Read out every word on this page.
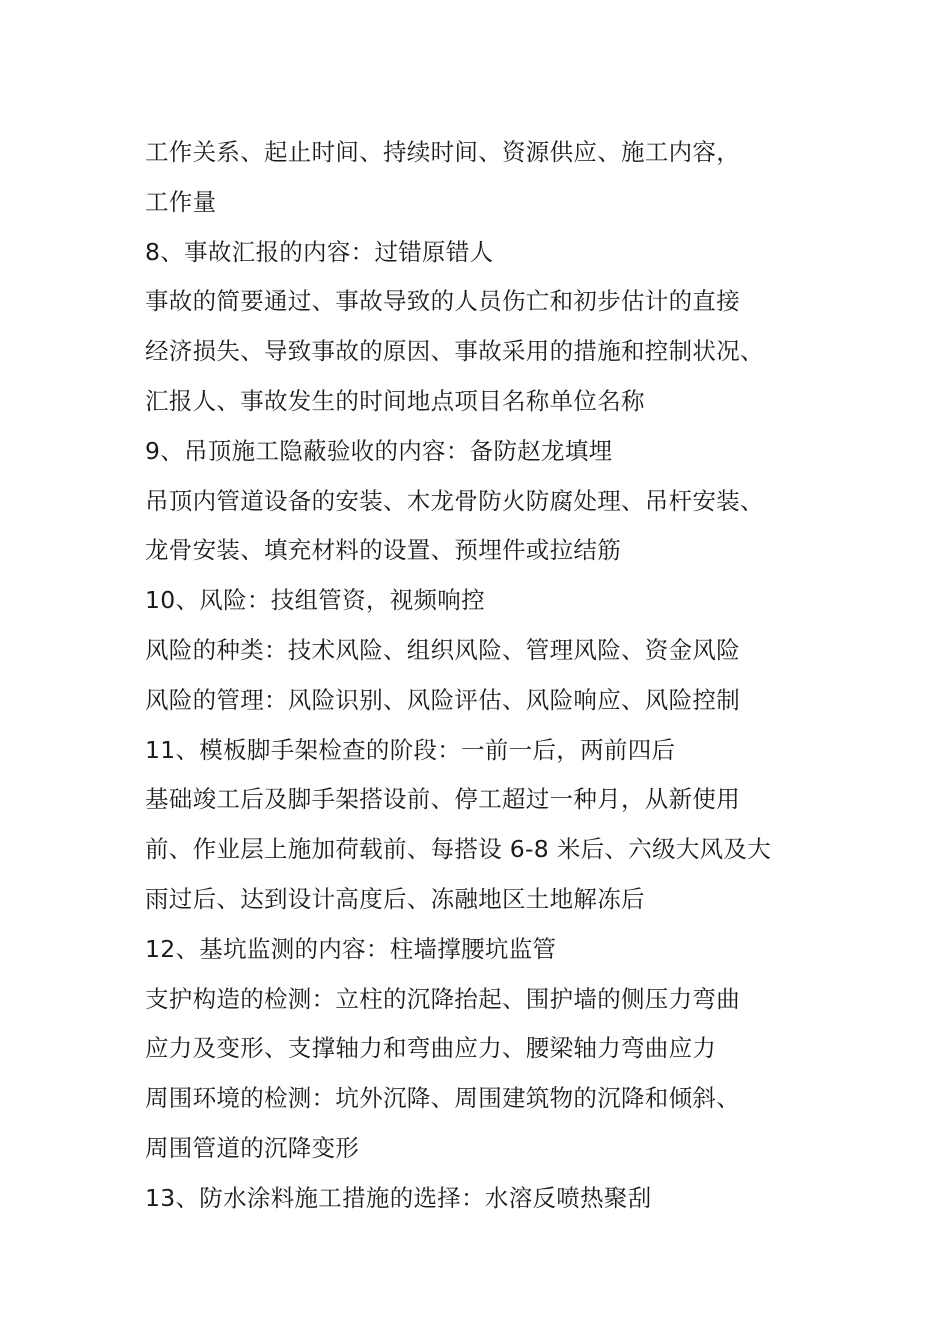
工作关系、起止时间、持续时间、资源供应、施工内容，
工作量
8、事故汇报的内容：过错原错人
事故的简要通过、事故导致的人员伤亡和初步估计的直接
经济损失、导致事故的原因、事故采用的措施和控制状况、
汇报人、事故发生的时间地点项目名称单位名称
9、吊顶施工隐蔽验收的内容：备防赵龙填埋
吊顶内管道设备的安装、木龙骨防火防腐处理、吊杆安装、
龙骨安装、填充材料的设置、预埋件或拉结筋
10、风险：技组管资，视频响控
风险的种类：技术风险、组织风险、管理风险、资金风险
风险的管理：风险识别、风险评估、风险响应、风险控制
11、模板脚手架检查的阶段：一前一后，两前四后
基础竣工后及脚手架搭设前、停工超过一种月，从新使用
前、作业层上施加荷载前、每搭设 6-8 米后、六级大风及大
雨过后、达到设计高度后、冻融地区土地解冻后
12、基坑监测的内容：柱墙撑腰坑监管
支护构造的检测：立柱的沉降抬起、围护墙的侧压力弯曲
应力及变形、支撑轴力和弯曲应力、腰梁轴力弯曲应力
周围环境的检测：坑外沉降、周围建筑物的沉降和倾斜、
周围管道的沉降变形
13、防水涂料施工措施的选择：水溶反喷热聚刮
